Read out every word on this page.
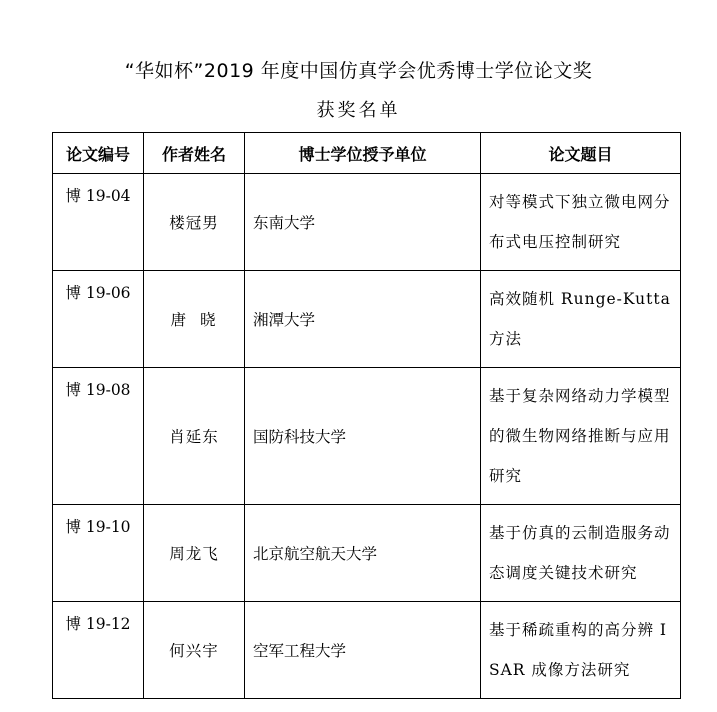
“华如杯”2019 年度中国仿真学会优秀博士学位论文奖
获奖名单
论文编号	作者姓名	博士学位授予单位	论文题目
博 19-04	楼冠男	东南大学	对等模式下独立微电网分布式电压控制研究
博 19-06	唐晓	湘潭大学	高效随机 Runge-Kutta 方法
博 19-08	肖延东	国防科技大学	基于复杂网络动力学模型的微生物网络推断与应用研究
博 19-10	周龙飞	北京航空航天大学	基于仿真的云制造服务动态调度关键技术研究
博 19-12	何兴宇	空军工程大学	基于稀疏重构的高分辨 ISAR 成像方法研究
